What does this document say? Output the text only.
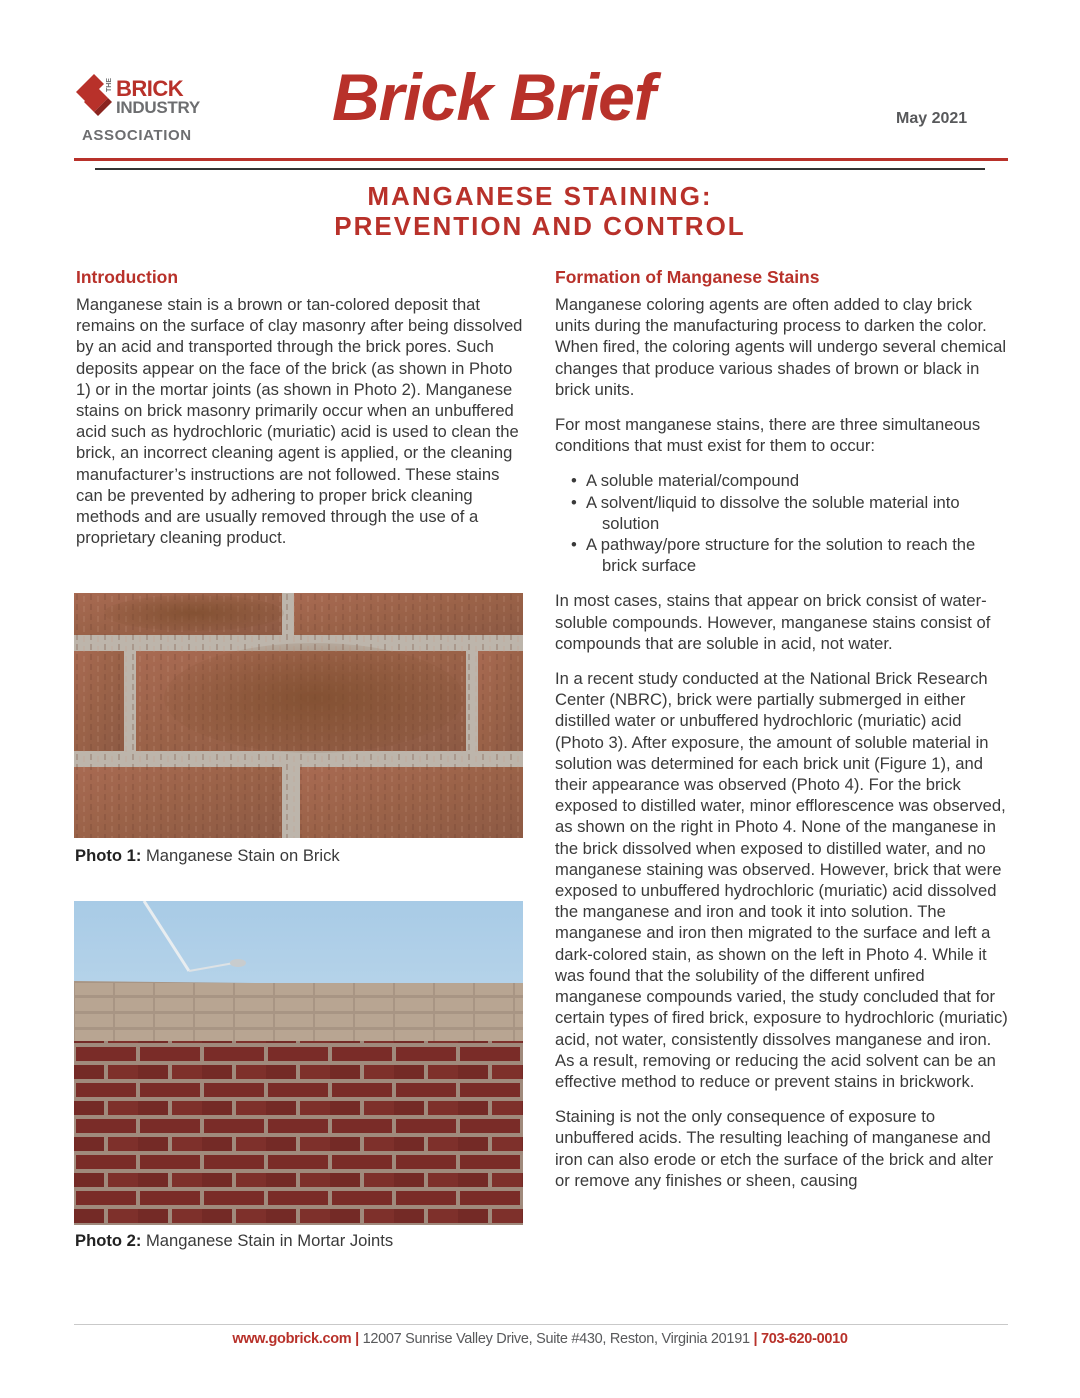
THE BRICK
INDUSTRY
ASSOCIATION
Brick Brief	May 2021
MANGANESE STAINING:
PREVENTION AND CONTROL
Introduction

Manganese stain is a brown or tan-colored deposit that remains on the surface of clay masonry after being dissolved by an acid and transported through the brick pores. Such deposits appear on the face of the brick (as shown in Photo 1) or in the mortar joints (as shown in Photo 2). Manganese stains on brick masonry primarily occur when an unbuffered acid such as hydrochloric (muriatic) acid is used to clean the brick, an incorrect cleaning agent is applied, or the cleaning manufacturer’s instructions are not followed. These stains can be prevented by adhering to proper brick cleaning methods and are usually removed through the use of a proprietary cleaning product.

Photo 1: Manganese Stain on Brick
Photo 2: Manganese Stain in Mortar Joints
Formation of Manganese Stains

Manganese coloring agents are often added to clay brick units during the manufacturing process to darken the color. When fired, the coloring agents will undergo several chemical changes that produce various shades of brown or black in brick units.

For most manganese stains, there are three simultaneous conditions that must exist for them to occur:

• A soluble material/compound
• A solvent/liquid to dissolve the soluble material into solution
• A pathway/pore structure for the solution to reach the brick surface

In most cases, stains that appear on brick consist of water-soluble compounds. However, manganese stains consist of compounds that are soluble in acid, not water.

In a recent study conducted at the National Brick Research Center (NBRC), brick were partially submerged in either distilled water or unbuffered hydrochloric (muriatic) acid (Photo 3). After exposure, the amount of soluble material in solution was determined for each brick unit (Figure 1), and their appearance was observed (Photo 4). For the brick exposed to distilled water, minor efflorescence was observed, as shown on the right in Photo 4. None of the manganese in the brick dissolved when exposed to distilled water, and no manganese staining was observed. However, brick that were exposed to unbuffered hydrochloric (muriatic) acid dissolved the manganese and iron and took it into solution. The manganese and iron then migrated to the surface and left a dark-colored stain, as shown on the left in Photo 4. While it was found that the solubility of the different unfired manganese compounds varied, the study concluded that for certain types of fired brick, exposure to hydrochloric (muriatic) acid, not water, consistently dissolves manganese and iron. As a result, removing or reducing the acid solvent can be an effective method to reduce or prevent stains in brickwork.

Staining is not the only consequence of exposure to unbuffered acids. The resulting leaching of manganese and iron can also erode or etch the surface of the brick and alter or remove any finishes or sheen, causing

www.gobrick.com | 12007 Sunrise Valley Drive, Suite #430, Reston, Virginia 20191 | 703-620-0010
